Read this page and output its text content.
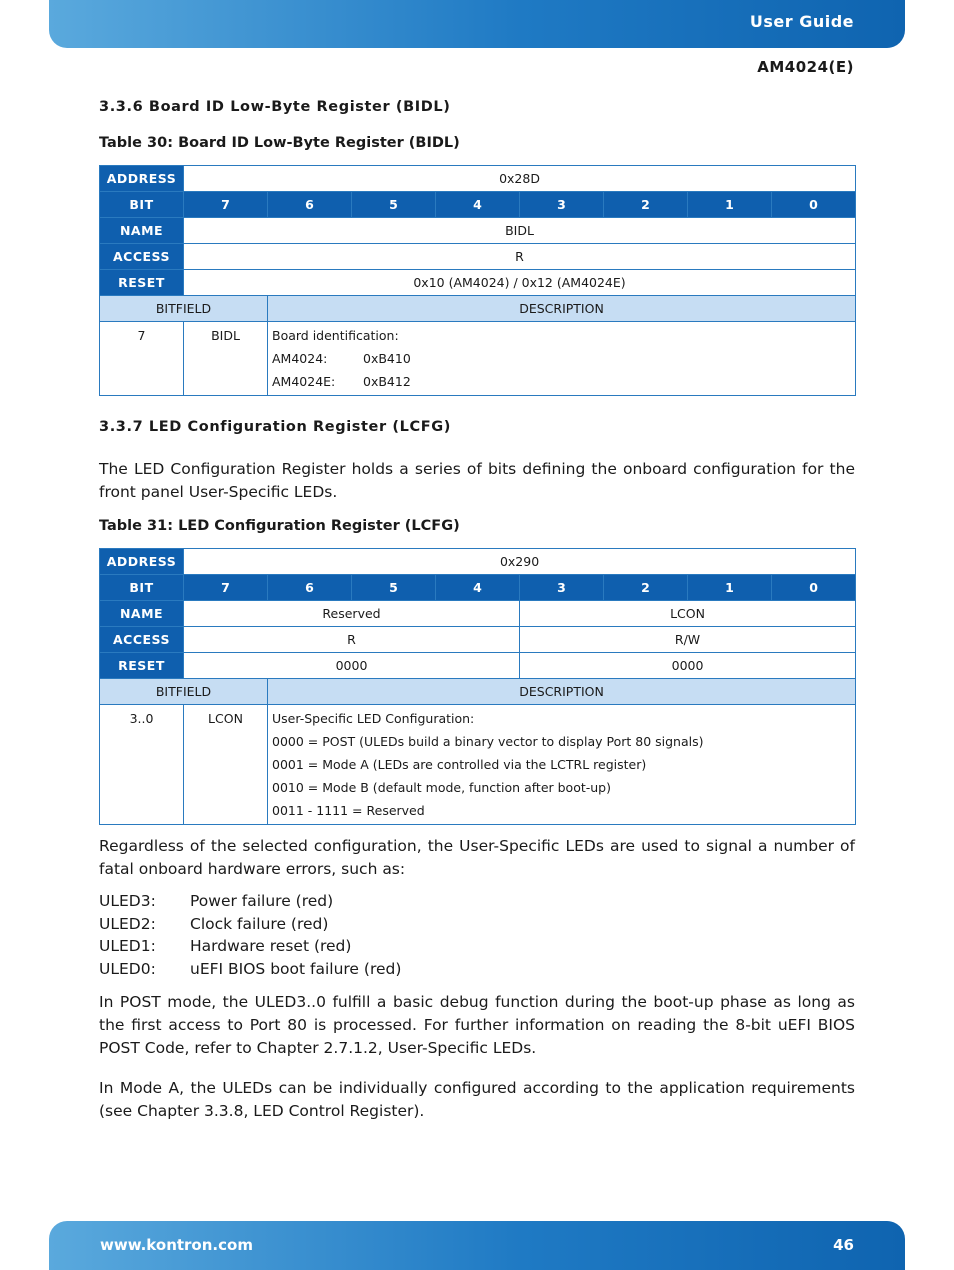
User Guide
AM4024(E)
3.3.6 Board ID Low-Byte Register (BIDL)
Table 30: Board ID Low-Byte Register (BIDL)
ADDRESS	0x28D							
BIT	7	6	5	4	3	2	1	0
NAME	BIDL							
ACCESS	R							
RESET	0x10 (AM4024) / 0x12 (AM4024E)							
BITFIELD		DESCRIPTION						
7	BIDL	Board identification:
AM4024: 0xB410
AM4024E: 0xB412						
3.3.7 LED Configuration Register (LCFG)
The LED Configuration Register holds a series of bits defining the onboard configuration for the front panel User-Specific LEDs.
Table 31: LED Configuration Register (LCFG)
ADDRESS	0x290							
BIT	7	6	5	4	3	2	1	0
NAME	Reserved				LCON			
ACCESS	R				R/W			
RESET	0000				0000			
BITFIELD		DESCRIPTION						
3..0	LCON	User-Specific LED Configuration:
0000 = POST (ULEDs build a binary vector to display Port 80 signals)
0001 = Mode A (LEDs are controlled via the LCTRL register)
0010 = Mode B (default mode, function after boot-up)
0011 - 1111 = Reserved						
Regardless of the selected configuration, the User-Specific LEDs are used to signal a number of fatal onboard hardware errors, such as:
ULED3: Power failure (red)
ULED2: Clock failure (red)
ULED1: Hardware reset (red)
ULED0: uEFI BIOS boot failure (red)
In POST mode, the ULED3..0 fulfill a basic debug function during the boot-up phase as long as the first access to Port 80 is processed. For further information on reading the 8-bit uEFI BIOS POST Code, refer to Chapter 2.7.1.2, User-Specific LEDs.
In Mode A, the ULEDs can be individually configured according to the application requirements (see Chapter 3.3.8, LED Control Register).
www.kontron.com	46
